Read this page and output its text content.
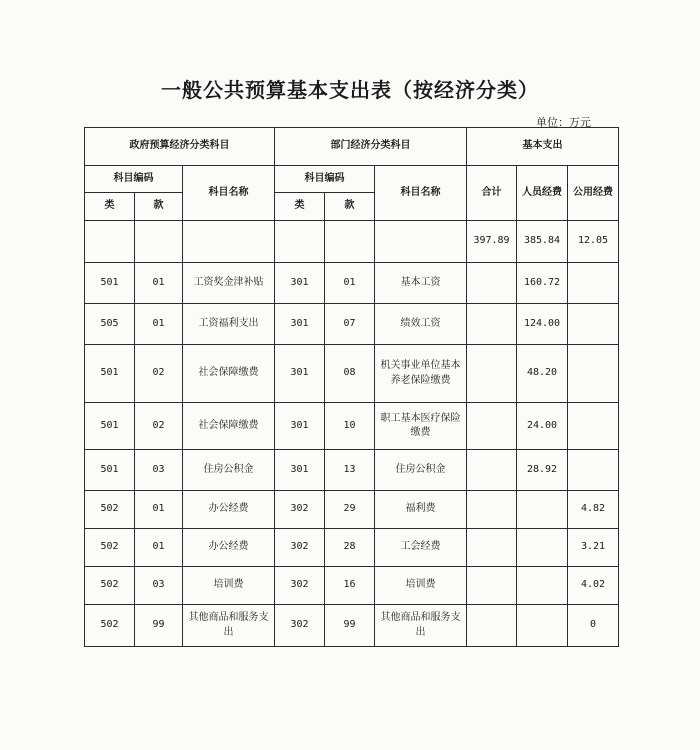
一般公共预算基本支出表（按经济分类）
单位：万元
政府预算经济分类科目			部门经济分类科目			基本支出		
科目编码		科目名称	科目编码		科目名称	合计	人员经费	公用经费
类	款		类	款				
						397.89	385.84	12.05
501	01	工资奖金津补贴	301	01	基本工资		160.72	
505	01	工资福利支出	301	07	绩效工资		124.00	
501	02	社会保障缴费	301	08	机关事业单位基本养老保险缴费		48.20	
501	02	社会保障缴费	301	10	职工基本医疗保险缴费		24.00	
501	03	住房公积金	301	13	住房公积金		28.92	
502	01	办公经费	302	29	福利费			4.82
502	01	办公经费	302	28	工会经费			3.21
502	03	培训费	302	16	培训费			4.02
502	99	其他商品和服务支出	302	99	其他商品和服务支出			0
